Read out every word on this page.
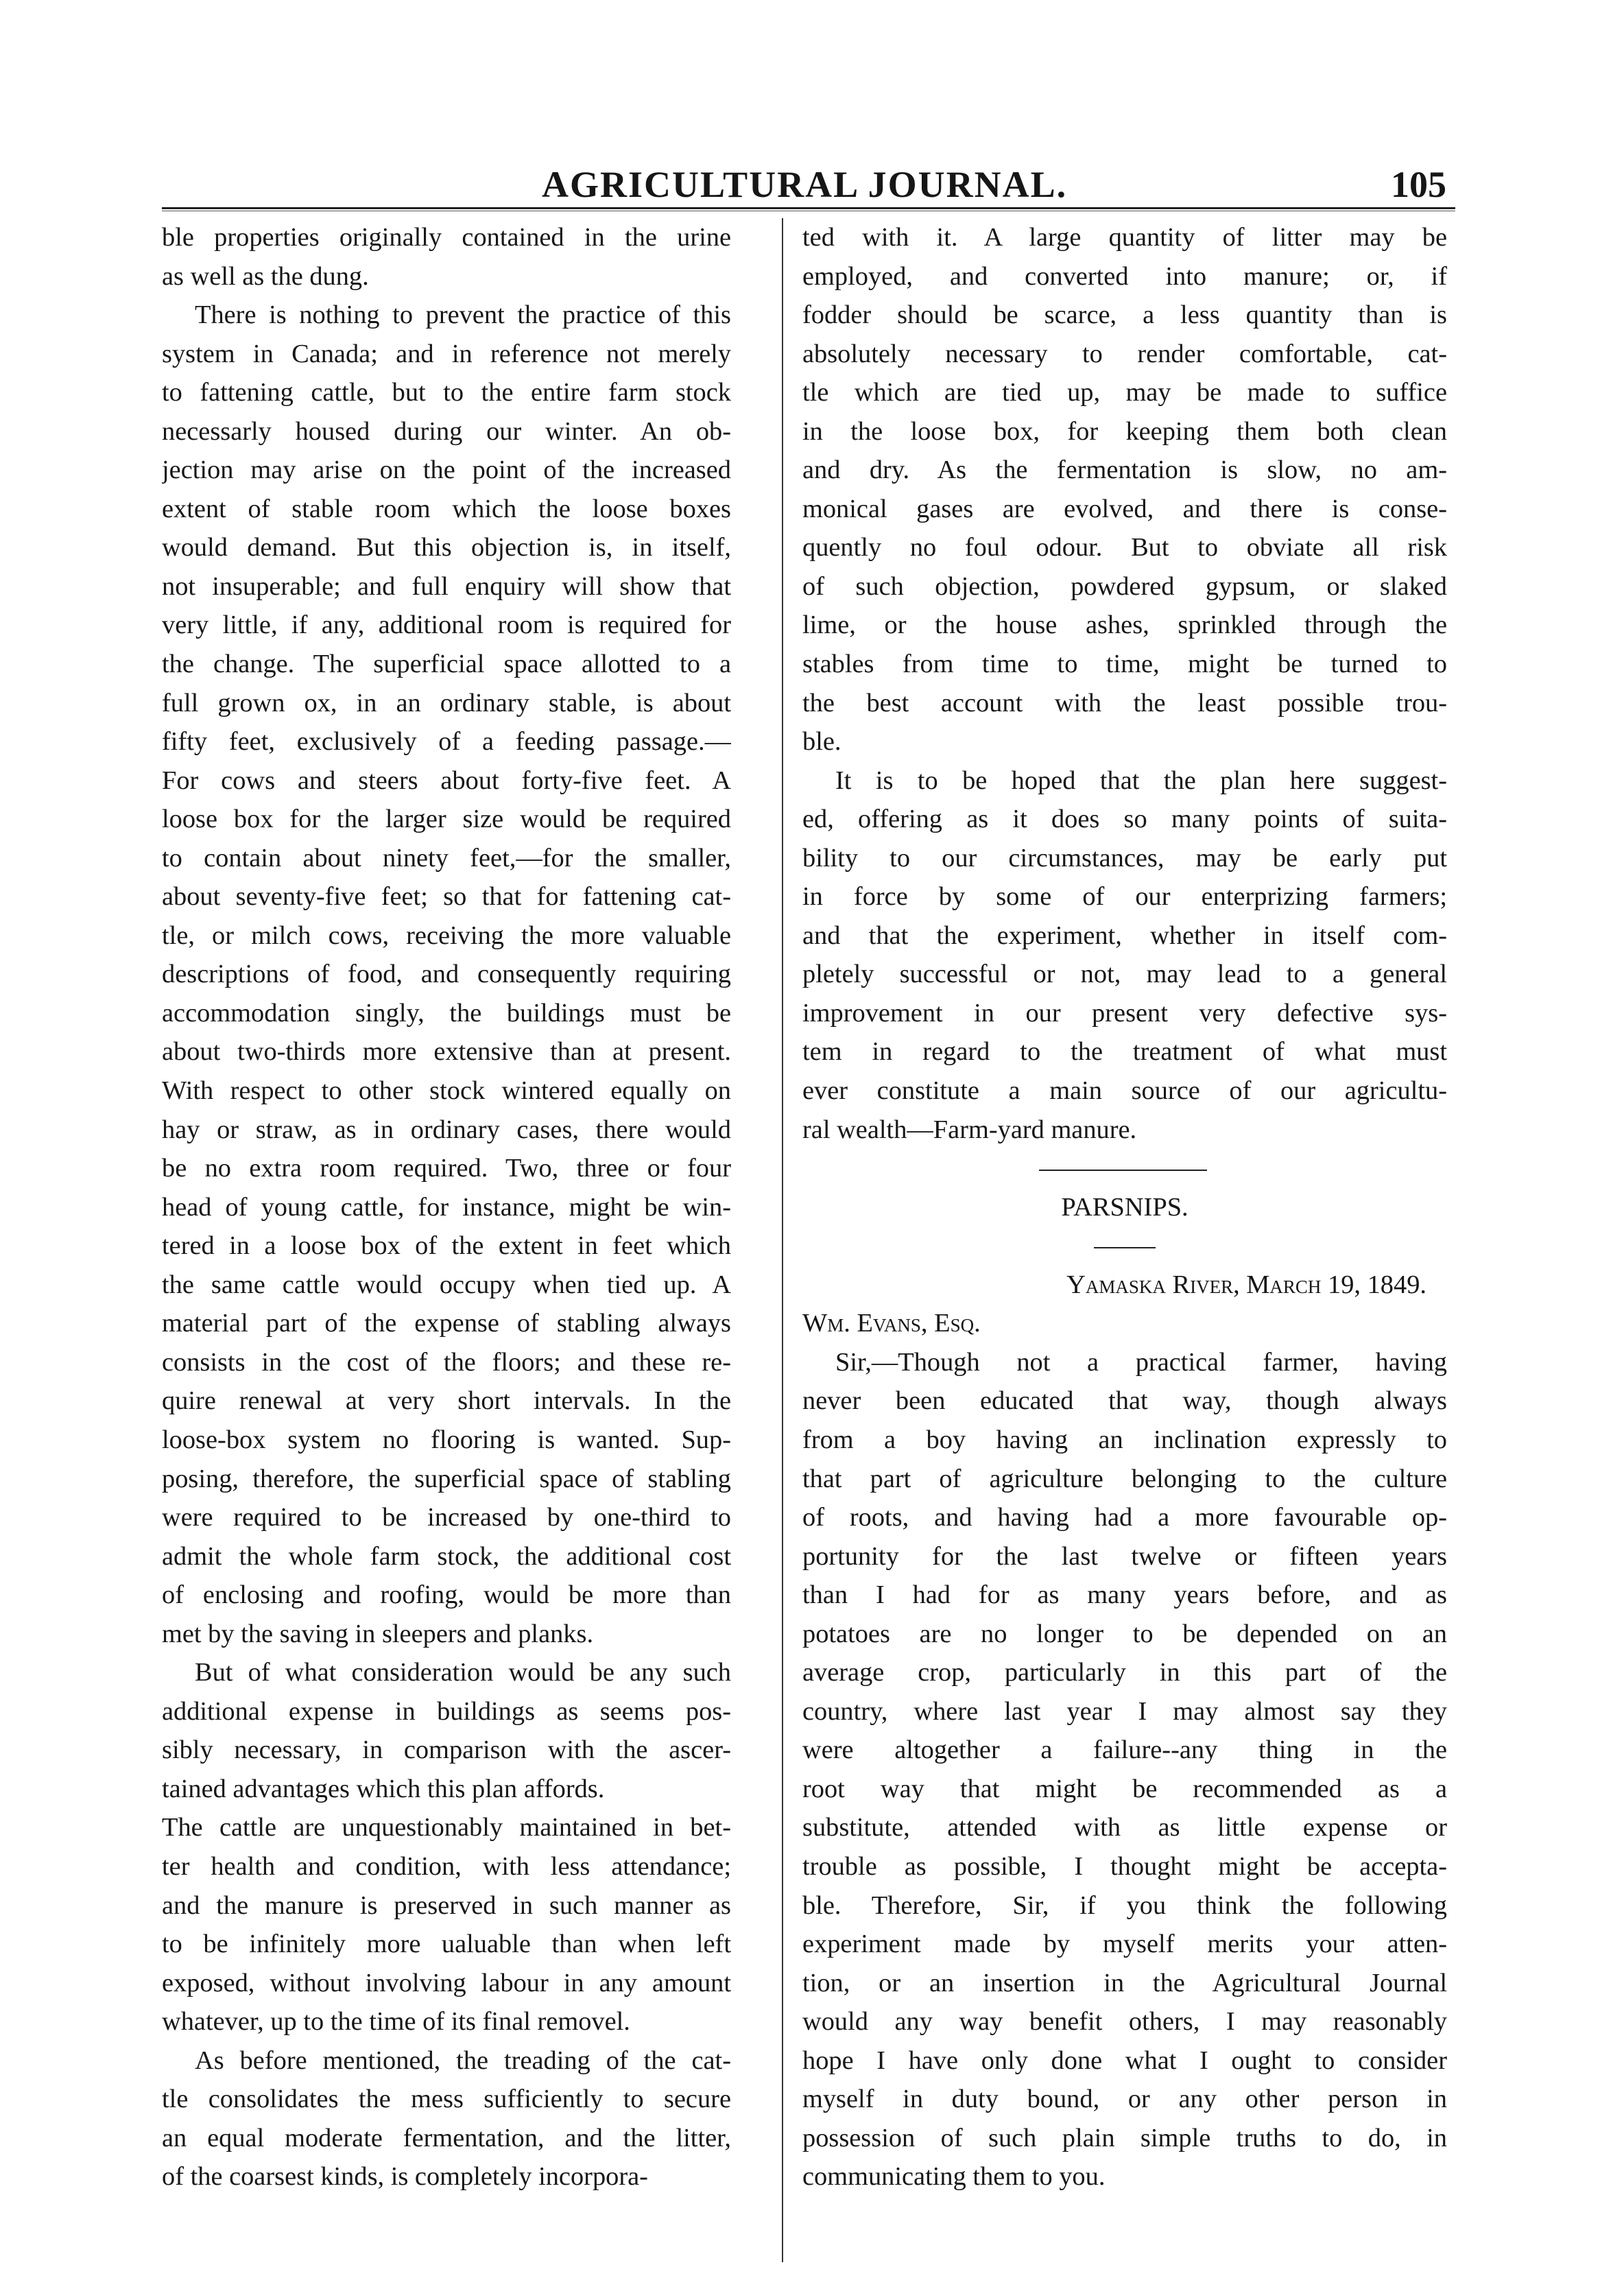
AGRICULTURAL JOURNAL.	105
ble properties originally contained in the urine
as well as the dung.
There is nothing to prevent the practice of this
system in Canada; and in reference not merely
to fattening cattle, but to the entire farm stock
necessarly housed during our winter. An ob-
jection may arise on the point of the increased
extent of stable room which the loose boxes
would demand. But this objection is, in itself,
not insuperable; and full enquiry will show that
very little, if any, additional room is required for
the change. The superficial space allotted to a
full grown ox, in an ordinary stable, is about
fifty feet, exclusively of a feeding passage.—
For cows and steers about forty-five feet. A
loose box for the larger size would be required
to contain about ninety feet,—for the smaller,
about seventy-five feet; so that for fattening cat-
tle, or milch cows, receiving the more valuable
descriptions of food, and consequently requiring
accommodation singly, the buildings must be
about two-thirds more extensive than at present.
With respect to other stock wintered equally on
hay or straw, as in ordinary cases, there would
be no extra room required. Two, three or four
head of young cattle, for instance, might be win-
tered in a loose box of the extent in feet which
the same cattle would occupy when tied up. A
material part of the expense of stabling always
consists in the cost of the floors; and these re-
quire renewal at very short intervals. In the
loose-box system no flooring is wanted. Sup-
posing, therefore, the superficial space of stabling
were required to be increased by one-third to
admit the whole farm stock, the additional cost
of enclosing and roofing, would be more than
met by the saving in sleepers and planks.
But of what consideration would be any such
additional expense in buildings as seems pos-
sibly necessary, in comparison with the ascer-
tained advantages which this plan affords.
The cattle are unquestionably maintained in bet-
ter health and condition, with less attendance;
and the manure is preserved in such manner as
to be infinitely more ualuable than when left
exposed, without involving labour in any amount
whatever, up to the time of its final removel.
As before mentioned, the treading of the cat-
tle consolidates the mess sufficiently to secure
an equal moderate fermentation, and the litter,
of the coarsest kinds, is completely incorpora-
ted with it. A large quantity of litter may be
employed, and converted into manure; or, if
fodder should be scarce, a less quantity than is
absolutely necessary to render comfortable, cat-
tle which are tied up, may be made to suffice
in the loose box, for keeping them both clean
and dry. As the fermentation is slow, no am-
monical gases are evolved, and there is conse-
quently no foul odour. But to obviate all risk
of such objection, powdered gypsum, or slaked
lime, or the house ashes, sprinkled through the
stables from time to time, might be turned to
the best account with the least possible trou-
ble.
It is to be hoped that the plan here suggest-
ed, offering as it does so many points of suita-
bility to our circumstances, may be early put
in force by some of our enterprizing farmers;
and that the experiment, whether in itself com-
pletely successful or not, may lead to a general
improvement in our present very defective sys-
tem in regard to the treatment of what must
ever constitute a main source of our agricultu-
ral wealth—Farm-yard manure.
PARSNIPS.
Yamaska River, March 19, 1849.
Wm. Evans, Esq.
Sir,—Though not a practical farmer, having
never been educated that way, though always
from a boy having an inclination expressly to
that part of agriculture belonging to the culture
of roots, and having had a more favourable op-
portunity for the last twelve or fifteen years
than I had for as many years before, and as
potatoes are no longer to be depended on an
average crop, particularly in this part of the
country, where last year I may almost say they
were altogether a failure--any thing in the
root way that might be recommended as a
substitute, attended with as little expense or
trouble as possible, I thought might be accepta-
ble. Therefore, Sir, if you think the following
experiment made by myself merits your atten-
tion, or an insertion in the Agricultural Journal
would any way benefit others, I may reasonably
hope I have only done what I ought to consider
myself in duty bound, or any other person in
possession of such plain simple truths to do, in
communicating them to you.
